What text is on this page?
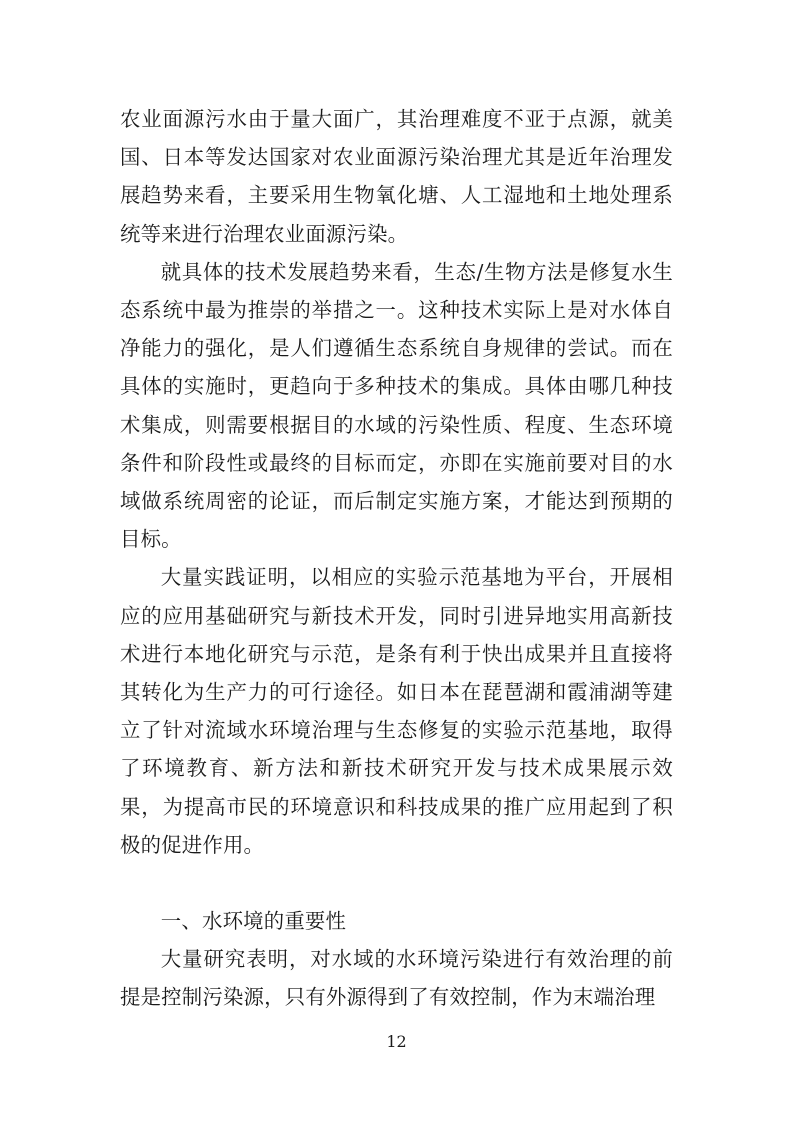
农业面源污水由于量大面广，其治理难度不亚于点源，就美国、日本等发达国家对农业面源污染治理尤其是近年治理发展趋势来看，主要采用生物氧化塘、人工湿地和土地处理系统等来进行治理农业面源污染。

就具体的技术发展趋势来看，生态/生物方法是修复水生态系统中最为推崇的举措之一。这种技术实际上是对水体自净能力的强化，是人们遵循生态系统自身规律的尝试。而在具体的实施时，更趋向于多种技术的集成。具体由哪几种技术集成，则需要根据目的水域的污染性质、程度、生态环境条件和阶段性或最终的目标而定，亦即在实施前要对目的水域做系统周密的论证，而后制定实施方案，才能达到预期的目标。

大量实践证明，以相应的实验示范基地为平台，开展相应的应用基础研究与新技术开发，同时引进异地实用高新技术进行本地化研究与示范，是条有利于快出成果并且直接将其转化为生产力的可行途径。如日本在琵琶湖和霞浦湖等建立了针对流域水环境治理与生态修复的实验示范基地，取得了环境教育、新方法和新技术研究开发与技术成果展示效果，为提高市民的环境意识和科技成果的推广应用起到了积极的促进作用。

一、水环境的重要性

大量研究表明，对水域的水环境污染进行有效治理的前提是控制污染源，只有外源得到了有效控制，作为末端治理

12
